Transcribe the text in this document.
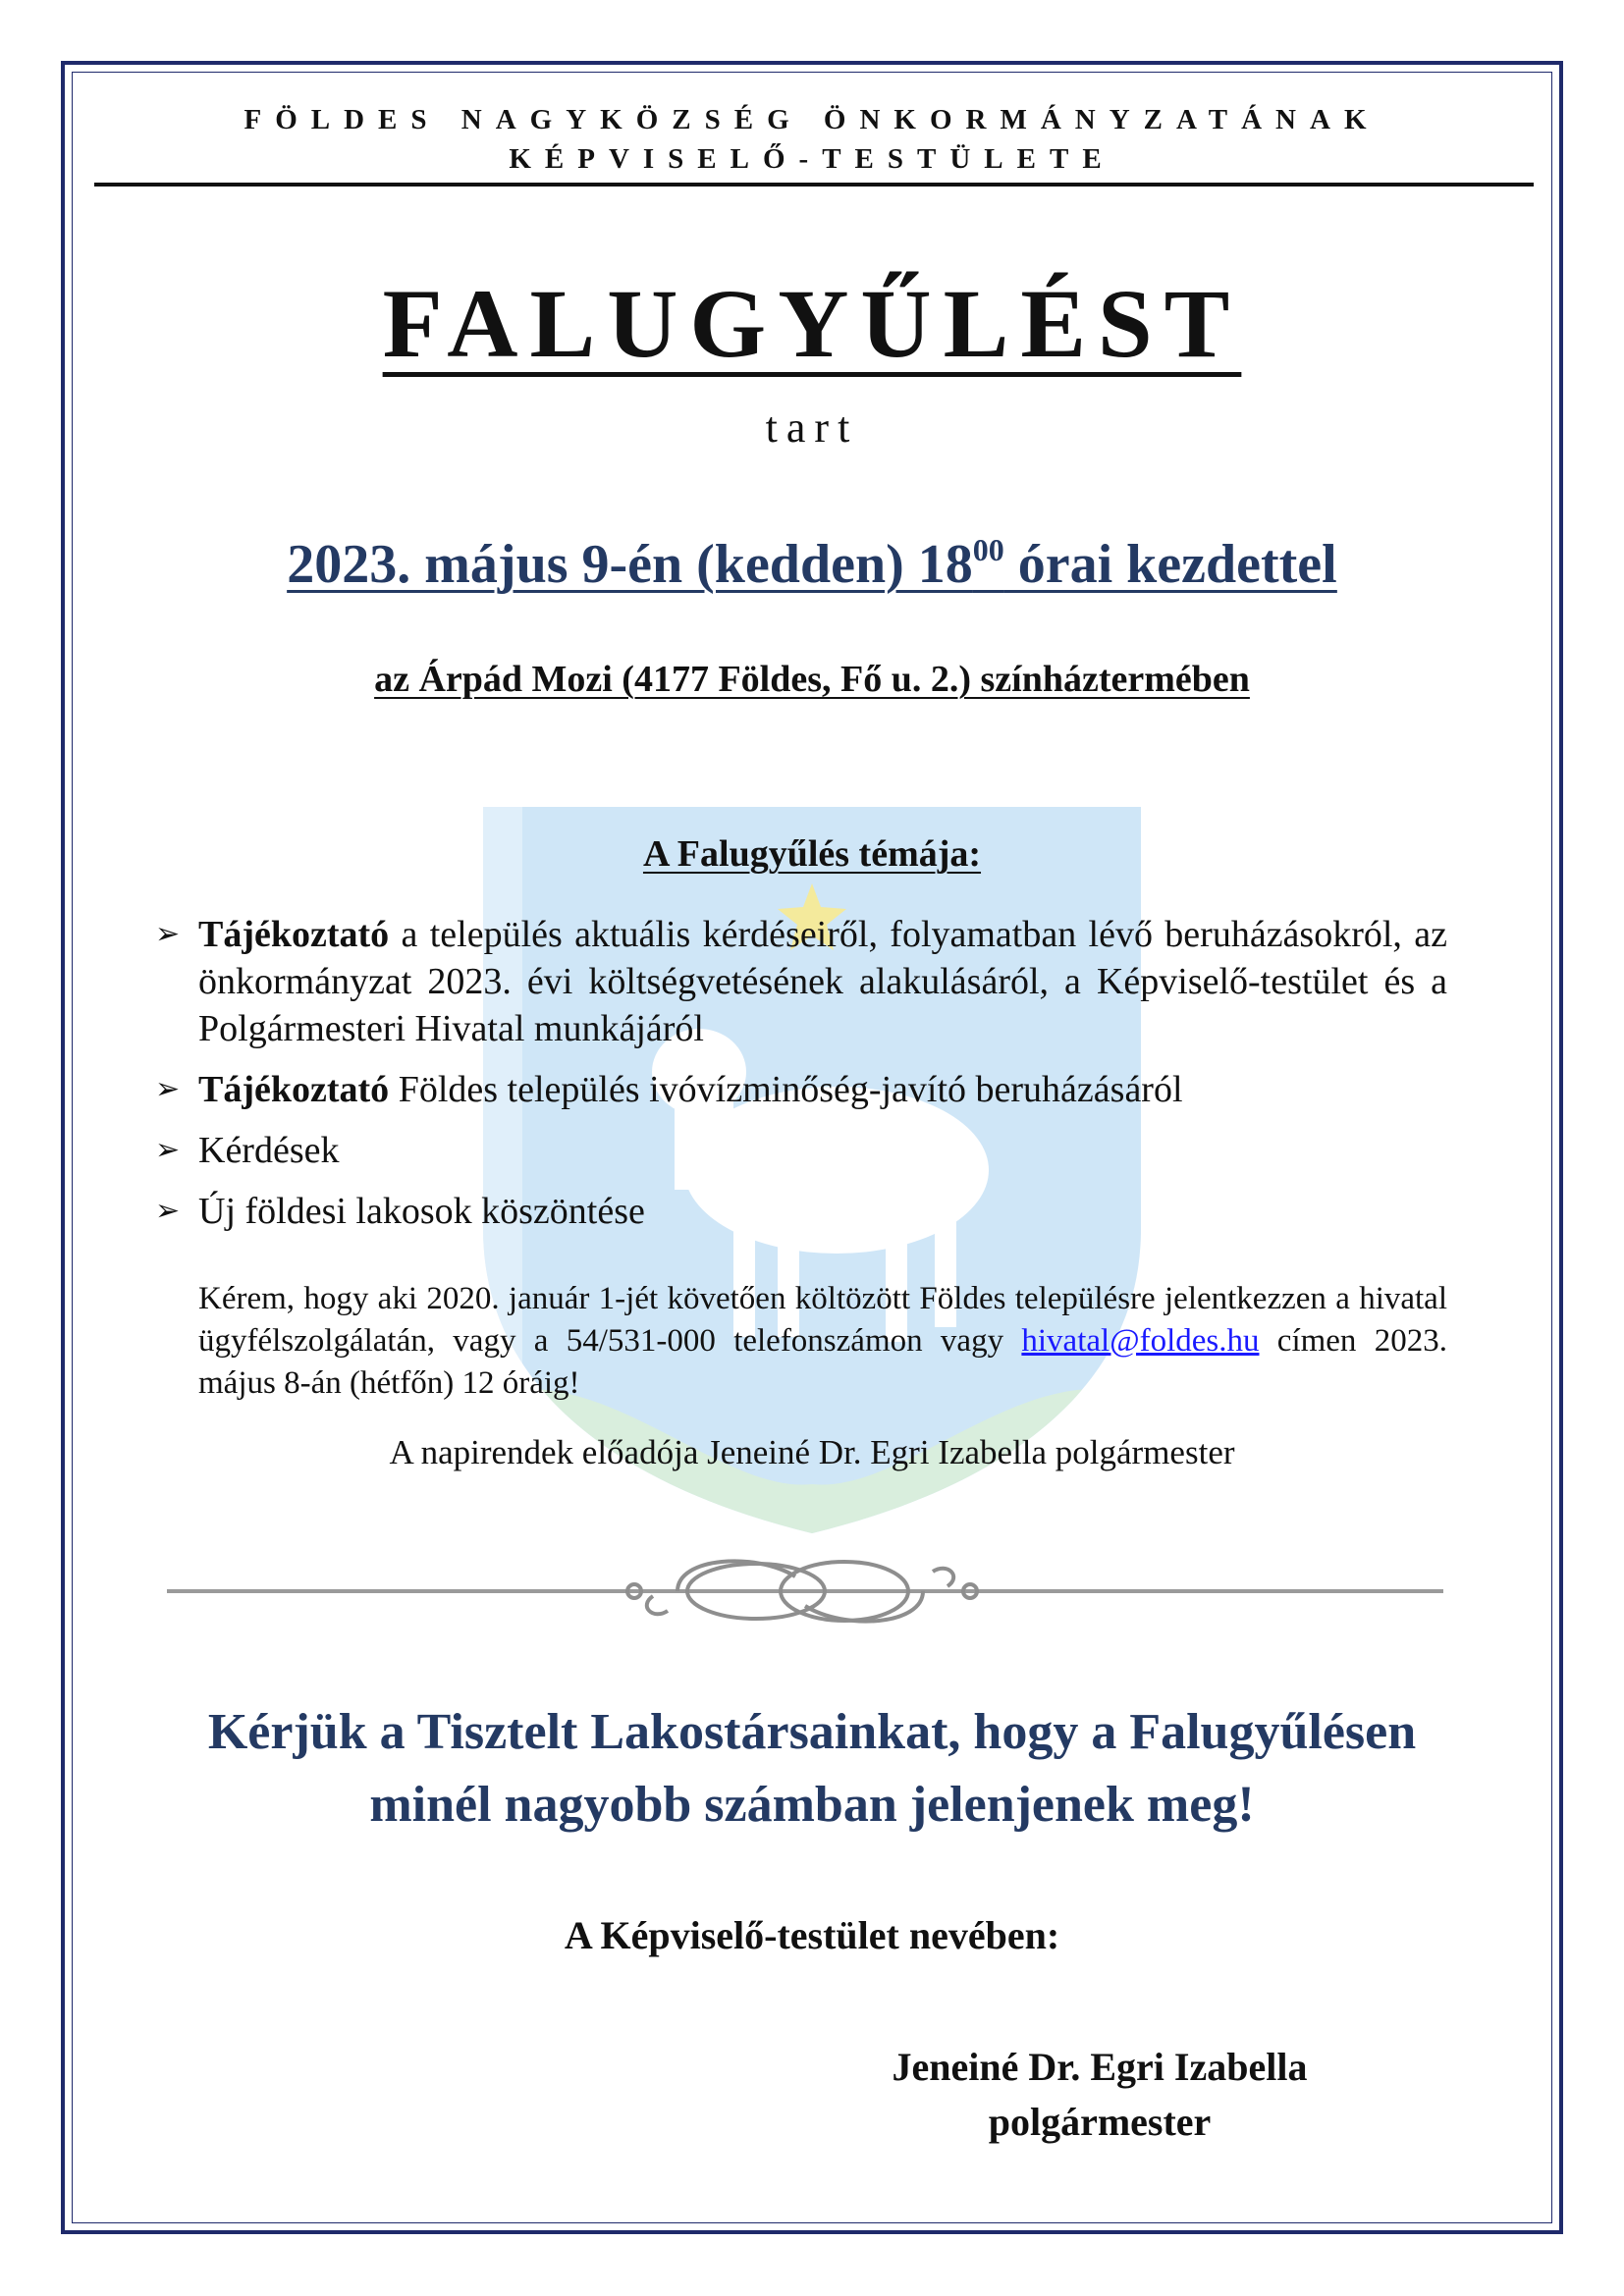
FÖLDES NAGYKÖZSÉG ÖNKORMÁNYZATÁNAK
KÉPVISELŐ-TESTÜLETE
FALUGYŰLÉST
tart
2023. május 9-én (kedden) $18^{00}$ órai kezdettel
az Árpád Mozi (4177 Földes, Fő u. 2.) színháztermében
A Falugyűlés témája:
➢ Tájékoztató a település aktuális kérdéseiről, folyamatban lévő beruházásokról, az önkormányzat 2023. évi költségvetésének alakulásáról, a Képviselő-testület és a Polgármesteri Hivatal munkájáról
➢ Tájékoztató Földes település ivóvízminőség-javító beruházásáról
➢ Kérdések
➢ Új földesi lakosok köszöntése
Kérem, hogy aki 2020. január 1-jét követően költözött Földes településre jelentkezzen a hivatal ügyfélszolgálatán, vagy a 54/531-000 telefonszámon vagy hivatal@foldes.hu címen 2023. május 8-án (hétfőn) 12 óráig!
A napirendek előadója Jeneiné Dr. Egri Izabella polgármester
Kérjük a Tisztelt Lakostársainkat, hogy a Falugyűlésen
minél nagyobb számban jelenjenek meg!
A Képviselő-testület nevében:
Jeneiné Dr. Egri Izabella
polgármester
